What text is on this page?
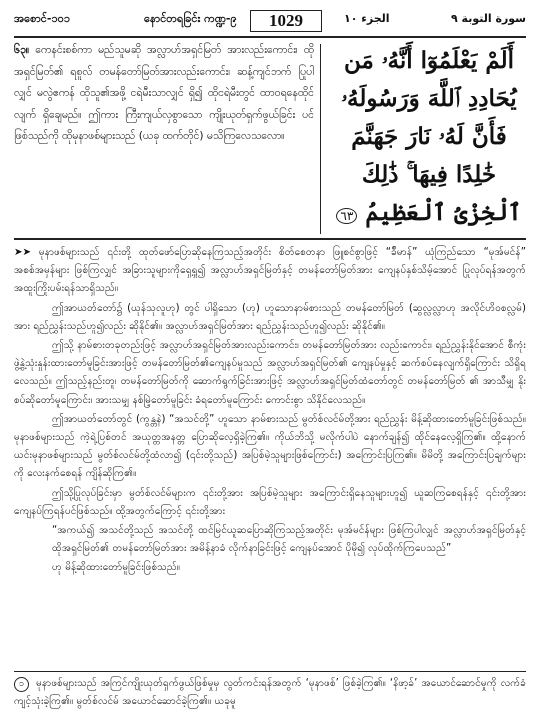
အစောင်-၁၀၁	နောင်တရခြင်း ကဏ္ဍ-၉	1029	الجزء ١٠	سورة التوبة ٩
၆၃။ ကေနင်းစစ်ကာ မည်သူမဆို အလ္လာဟ်အရှင်မြတ် အားလည်းကောင်း၊ ထို အရှင်မြတ်၏ ရစူလ် တမန်တော်မြတ်အားလည်းကောင်း၊ ဆန့်ကျင်ဘက် ပြုပါလျှင် မလွဲဧကန် ထိုသူ၏အဖို့ ငရဲမီးသာလျှင် ရှိ၍ ထိုငရဲမီးတွင် ထာဝရနေထိုင်လျက် ရှိချေမည်။ ဤကား ကြီးကျယ်လှစွာသော ကျိုးယုတ်ရှက်ဖွယ်ခြင်း ပင် ဖြစ်သည်ကို ထိုမုနာဖစ်များသည် (ယခု ထက်တိုင်) မသိကြလေသလော။
أَلَمْ يَعْلَمُوٓا أَنَّهُۥ مَن
يُحَادِدِ ٱللَّهَ وَرَسُولَهُۥ
فَأَنَّ لَهُۥ نَارَ جَهَنَّمَ
خَٰلِدًا فِيهَا ۚ ذَٰلِكَ
ٱلْخِزْىُ ٱلْعَظِيمُ ٦٣

➤➤ မုနာဖစ်များသည် ၎င်းတို့ ထုတ်ဖော်ပြောဆိုနေကြသည့်အတိုင်း စိတ်စေတနာ ဖြူစင်စွာဖြင့် “ခ်ီမာန်” ယုံကြည်သော “မုအ်မင်န်” အစစ်အမှန်များ ဖြစ်ကြလျှင် အခြားသူများကိုရှေ့ရှု၍ အလ္လာဟ်အရှင်မြတ်နှင့် တမန်တော်မြတ်အား ကျေနပ်နှစ်သိမ့်အောင် ပြုလုပ်ရန်အတွက် အထူးကြိုးပမ်းရန်သာရှိသည်။

ဤအာယတ်တော်၌ (ယုန်သုလူဟု) တွင် ပါရှိသော (ဟု) ဟူသောနာမ်စားသည် တမန်တော်မြတ် (ဆွလ္လလ္လာဟု အလိုင်ဟိဝစလ္လမ်) အား ရည်ညွှန်းသည်ဟူ၍လည်း ဆိုနိုင်၏။ အလ္လာဟ်အရှင်မြတ်အား ရည်ညွှန်းသည်ဟူ၍လည်း ဆိုနိုင်၏။

ဤသို့ နာမ်စားတခုတည်းဖြင့် အလ္လာဟ်အရှင်မြတ်အားလည်းကောင်း၊ တမန်တော်မြတ်အား လည်းကောင်း၊ ရည်ညွှန်းနိုင်အောင် စီကုံးဖွဲ့နွဲ့သုံးနှုန်းထားတော်မူခြင်းအားဖြင့် တမန်တော်မြတ်၏ကျေနပ်မှုသည် အလ္လာဟ်အရှင်မြတ်၏ ကျေနပ်မှုနှင့် ဆက်စပ်နေလျက်ရှိကြောင်း သိရှိရလေသည်။ ဤသည့်နည်းတူ၊ တမန်တော်မြတ်ကို ဆောက်ရွက်ခြင်းအားဖြင့် အလ္လာဟ်အရှင်မြတ်ထံတော်တွင် တမန်တော်မြတ် ၏ အာသီမျှ နိုးစပ်ဆိုတော်မူကြောင်း၊ အားသမျှ နစ်မြဲ့တော်မူခြင်း ခံရတော်မူကြောင်း ကောင်းစွာ သိနိုင်လေသည်။

ဤအာယတ်တော်တွင် (ကွန္တနဲ) “အသင်တို့” ဟူသော နာမ်စားသည် မွတ်စ်လင်မ်တို့အား ရည်ညွှန်း မိန့်ဆိုထားတော်မူခြင်းဖြစ်သည်။ မုနာဖစ်များသည် ကဲ့ရဲ့ပြစ်တင် အယုတ္တအနတ္တ ပြောဆိုလေ့ရှိခဲ့ကြ၏။ ကိုယ်ဘိသို့ မလိုက်ပါပဲ နောက်ချန်၍ ထိုင်နေလေ့ရှိကြ၏။ ထို့နောက် ယင်းမုနာဖစ်များသည် မွတ်စ်လင်မ်တို့ထံလာ၍ (၎င်းတို့သည်) အပြစ်မဲ့သူများဖြစ်ကြောင်း) အကြောင်းပြကြ၏။ မိမိတို့ အကြောင်းပြချက်များကို လေးနက်စေရန် ကျိန်ဆိုကြ၏။

ဤသို့ပြုလုပ်ခြင်းမှာ မွတ်စ်လင်မ်များက ၎င်းတို့အား အပြစ်မဲ့သူများ အကြောင်းရှိနေသူများဟူ၍ ယူဆကြစေရန်နှင့် ၎င်းတို့အား ကျေနပ်ကြရန်ပင်ဖြစ်သည်။ ထို့အတွက်ကြောင့် ၎င်းတို့အား

“အကယ်၍ အသင်တို့သည် အသင်တို့ ထင်မြင်ယူဆပြောဆိုကြသည့်အတိုင်း မုအ်မင်န်များ ဖြစ်ကြပါလျှင် အလ္လာဟ်အရှင်မြတ်နှင့် ထိုအရှင်မြတ်၏ တမန်တော်မြတ်အား အမိန့်နာခံ လိုက်နာခြင်းဖြင့် ကျေနပ်အောင် ပိုမို၍ လုပ်ထိုက်ကြပေသည်”

ဟု မိန့်ဆိုထားတော်မူခြင်းဖြစ်သည်။

၁ မုနာဖစ်များသည် အကြင်ကျိုးယုတ်ရှက်ဖွယ်ဖြစ်မှုမှ လွတ်ကင်းရန်အတွက် ‘မုနာဖစ်’ ဖြစ်ခဲ့ကြ၏။ ‘နိဖာ့ခ်’ အယောင်ဆောင်မှုကို လက်ခံကျင့်သုံးခဲ့ကြ၏။ မွတ်စ်လင်မ် အယောင်ဆောင်ခဲ့ကြ၏။ ယခုမူ
